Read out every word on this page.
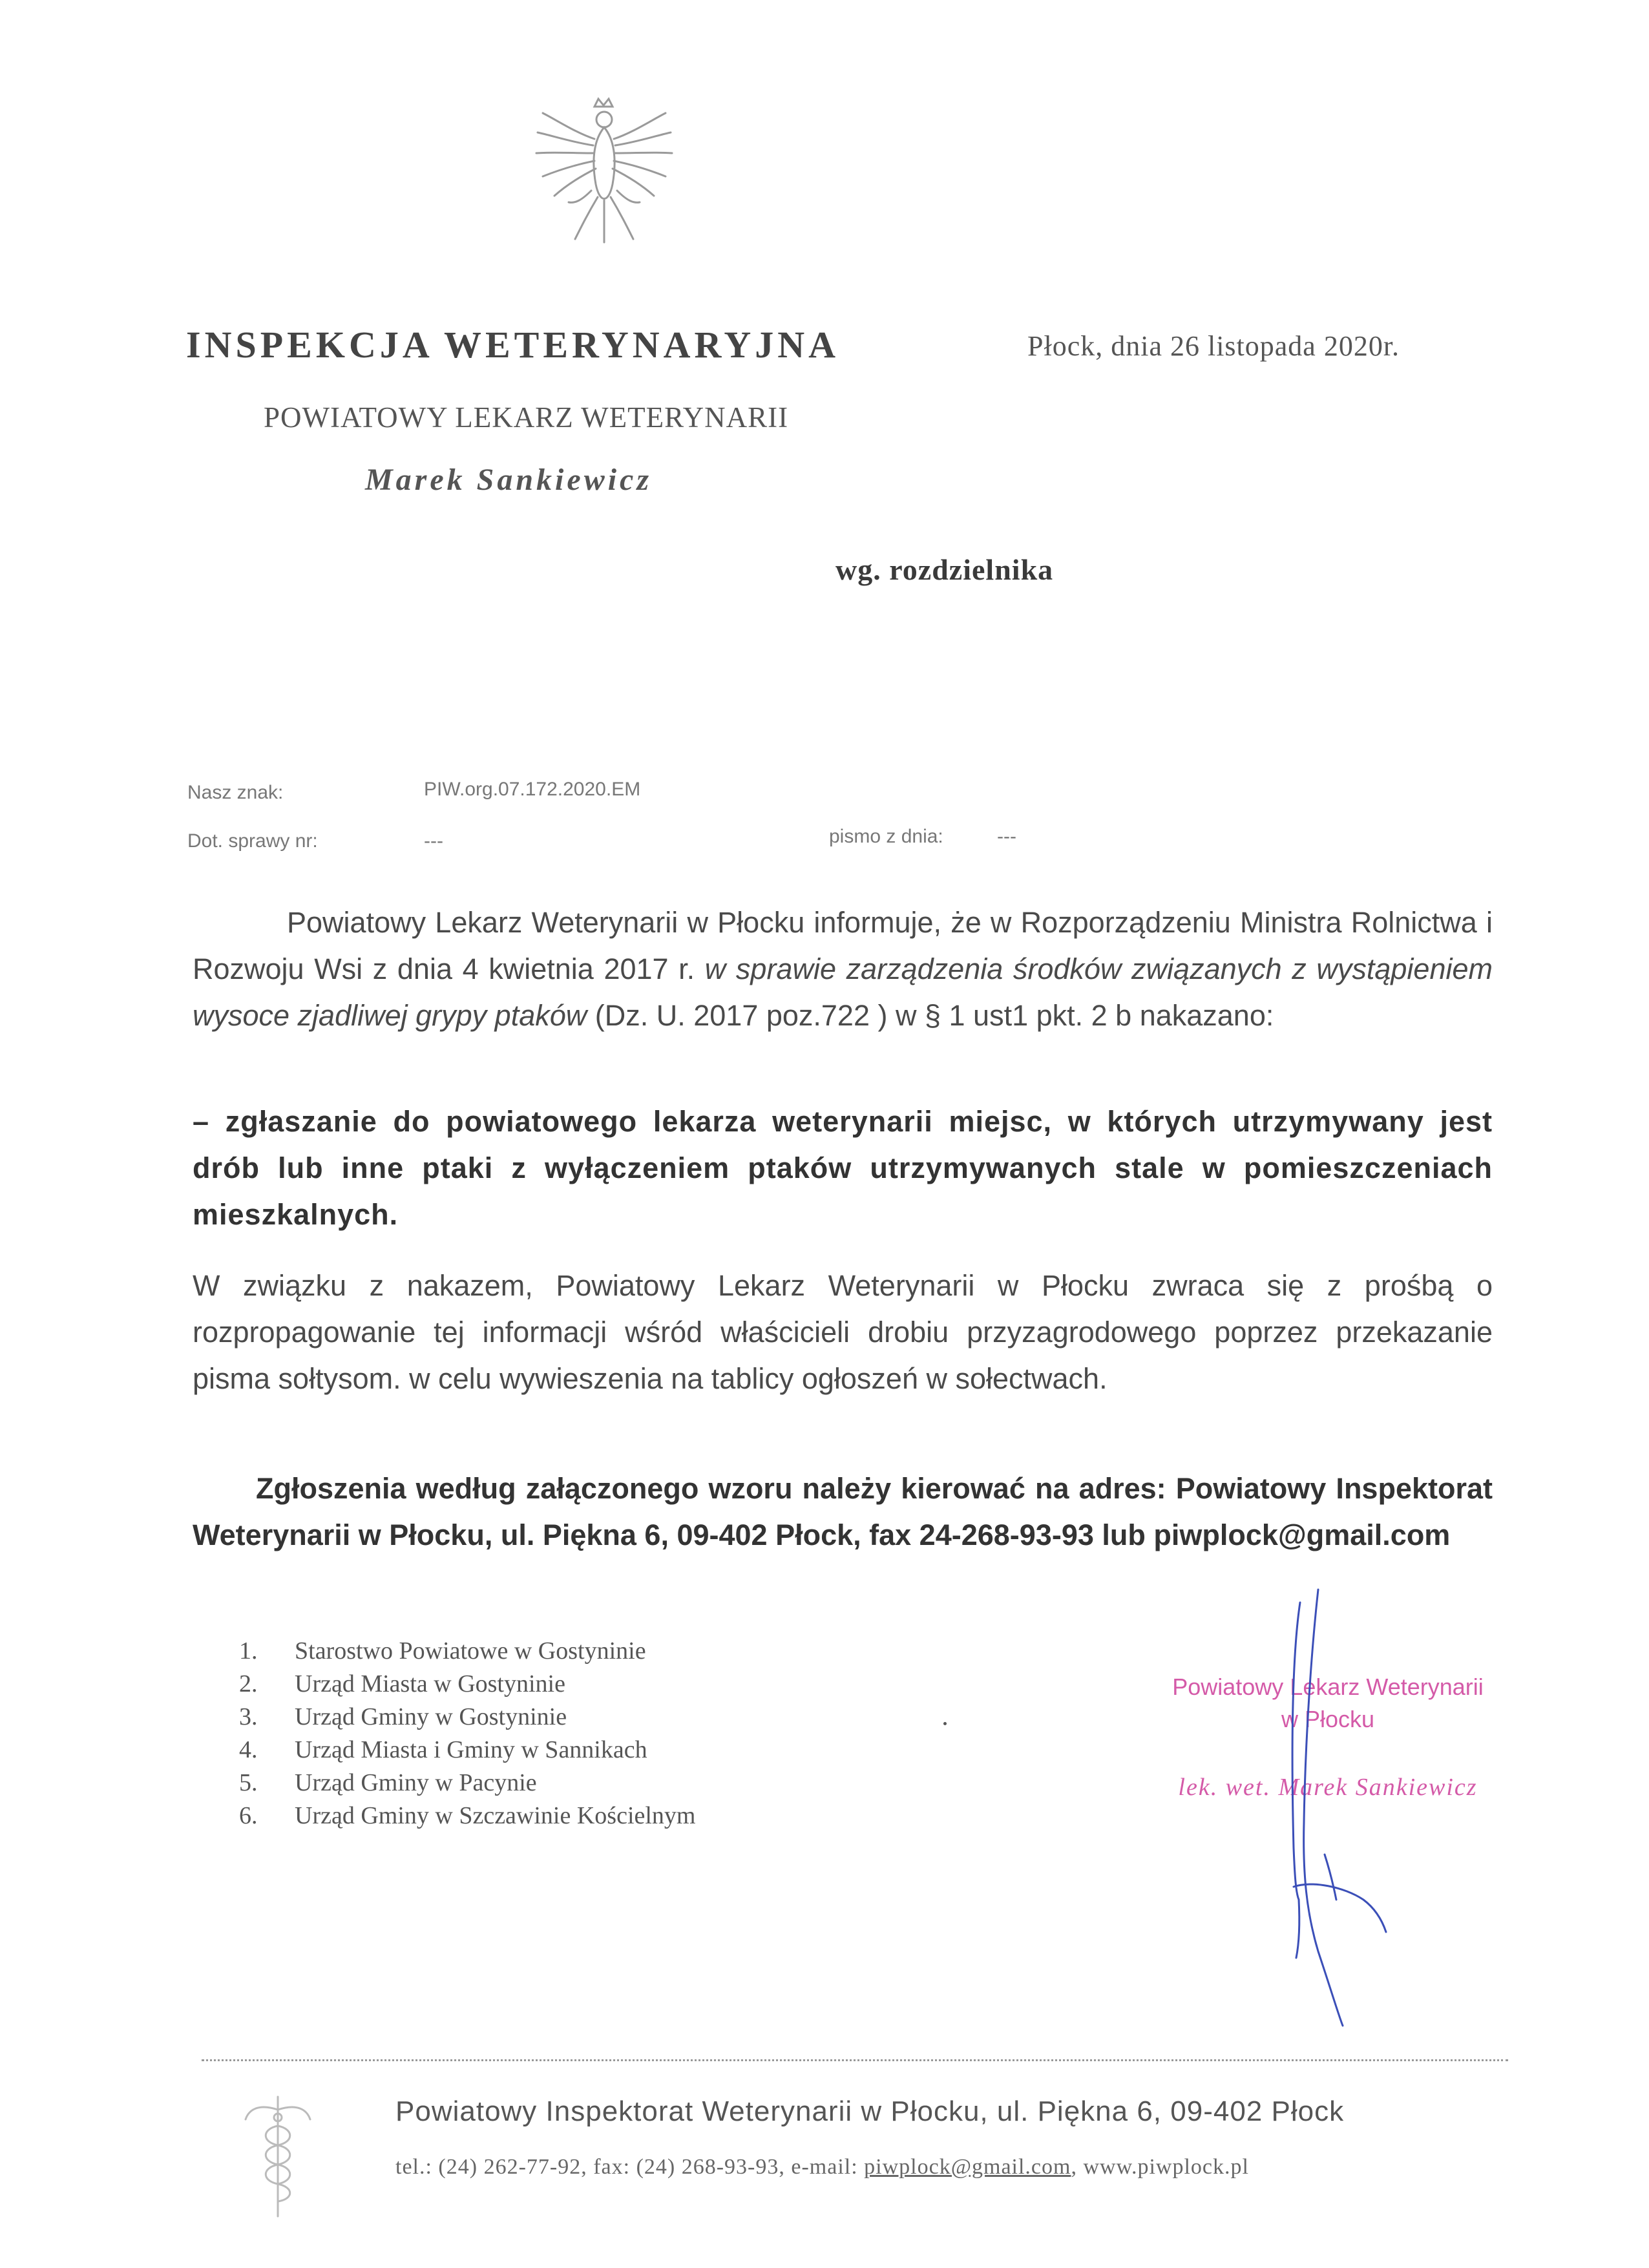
INSPEKCJA WETERYNARYJNA	Płock, dnia 26 listopada 2020r.
POWIATOWY LEKARZ WETERYNARII
Marek Sankiewicz
wg. rozdzielnika
Nasz znak:	PIW.org.07.172.2020.EM
Dot. sprawy nr:	---	pismo z dnia:	---
Powiatowy Lekarz Weterynarii w Płocku informuje, że w Rozporządzeniu Ministra Rolnictwa i Rozwoju Wsi z dnia 4 kwietnia 2017 r. w sprawie zarządzenia środków związanych z wystąpieniem wysoce zjadliwej grypy ptaków (Dz. U. 2017 poz.722 ) w § 1 ust1 pkt. 2 b nakazano:
– zgłaszanie do powiatowego lekarza weterynarii miejsc, w których utrzymywany jest drób lub inne ptaki z wyłączeniem ptaków utrzymywanych stale w pomieszczeniach mieszkalnych.
W związku z nakazem, Powiatowy Lekarz Weterynarii w Płocku zwraca się z prośbą o rozpropagowanie tej informacji wśród właścicieli drobiu przyzagrodowego poprzez przekazanie pisma sołtysom. w celu wywieszenia na tablicy ogłoszeń w sołectwach.
Zgłoszenia według załączonego wzoru należy kierować na adres: Powiatowy Inspektorat Weterynarii w Płocku, ul. Piękna 6, 09-402 Płock, fax 24-268-93-93 lub piwplock@gmail.com
1. Starostwo Powiatowe w Gostyninie
2. Urząd Miasta w Gostyninie
3. Urząd Gminy w Gostyninie
4. Urząd Miasta i Gminy w Sannikach
5. Urząd Gminy w Pacynie
6. Urząd Gminy w Szczawinie Kościelnym
Powiatowy Lekarz Weterynarii
w Płocku
lek. wet. Marek Sankiewicz
Powiatowy Inspektorat Weterynarii w Płocku, ul. Piękna 6, 09-402 Płock
tel.: (24) 262-77-92, fax: (24) 268-93-93, e-mail: piwplock@gmail.com, www.piwplock.pl
